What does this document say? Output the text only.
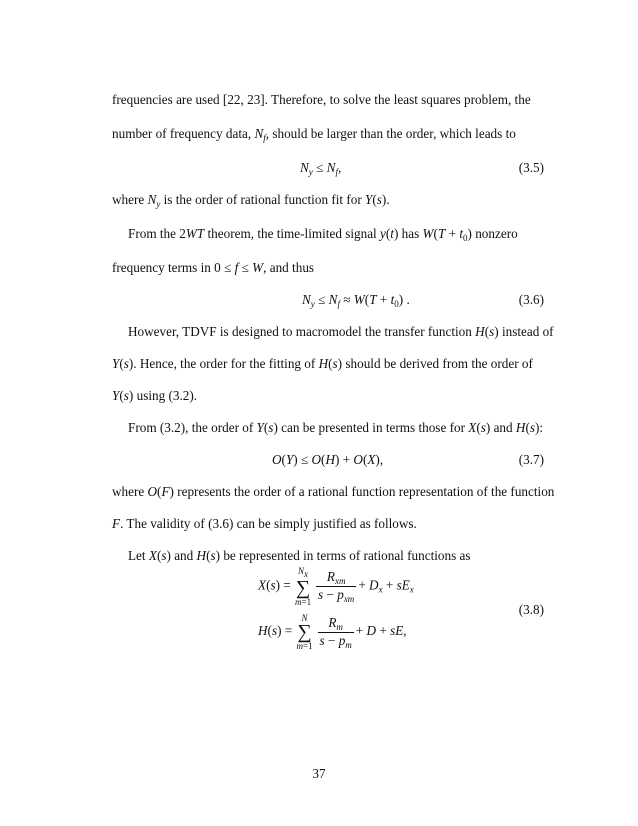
frequencies are used [22, 23]. Therefore, to solve the least squares problem, the
number of frequency data, $N_f$, should be larger than the order, which leads to
$N_y \le N_f$,	(3.5)
where $N_y$ is the order of rational function fit for Y(s).
From the 2WT theorem, the time-limited signal y(t) has $W(T + t_0)$ nonzero
frequency terms in 0 ≤ f ≤ W, and thus
$N_y \le N_f \approx W(T + t_0)$ .	(3.6)
However, TDVF is designed to macromodel the transfer function H(s) instead of
Y(s). Hence, the order for the fitting of H(s) should be derived from the order of
Y(s) using (3.2).
From (3.2), the order of Y(s) can be presented in terms those for X(s) and H(s):
O(Y) ≤ O(H) + O(X),	(3.7)
where O(F) represents the order of a rational function representation of the function
F. The validity of (3.6) can be simply justified as follows.
Let X(s) and H(s) be represented in terms of rational functions as
X(s) =
$N_x$
∑
$m=1 \frac{R_{xm}}{s - p_{xm}} + D_x + sE_x$
H(s) =
N
∑
$m=1 \frac{R_m}{s - p_m} + D$ + sE,
(3.8)
37
